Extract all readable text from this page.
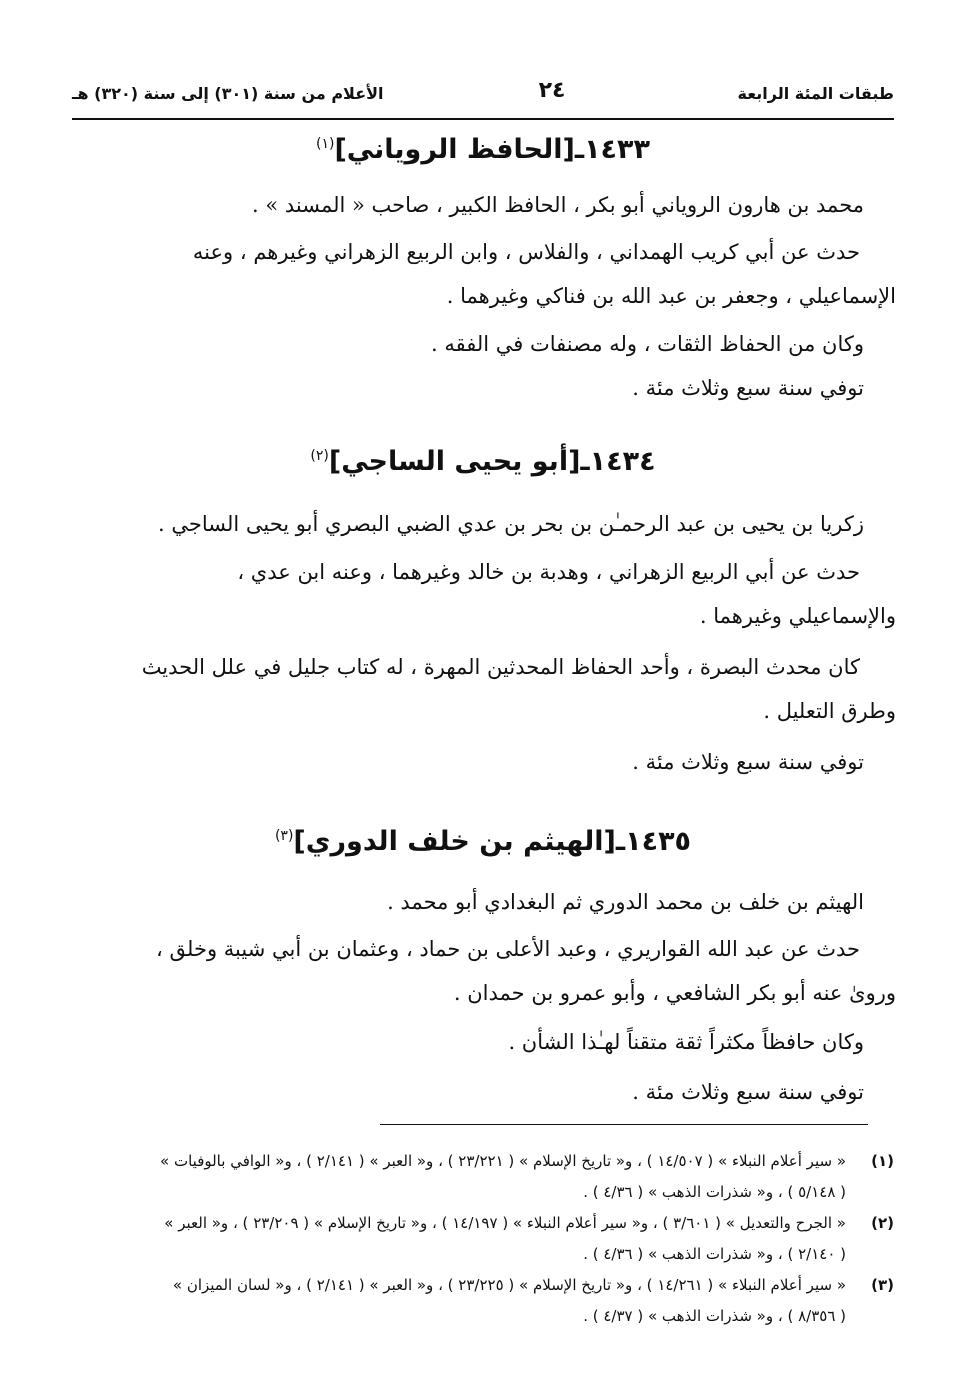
طبقات المئة الرابعة
٢٤
الأعلام من سنة (٣٠١) إلى سنة (٣٢٠) هـ
١٤٣٣ـ[الحافظ الروياني]$^{(١)}$
محمد بن هارون الروياني أبو بكر ، الحافظ الكبير ، صاحب « المسند » .
حدث عن أبي كريب الهمداني ، والفلاس ، وابن الربيع الزهراني وغيرهم ، وعنه
الإسماعيلي ، وجعفر بن عبد الله بن فناكي وغيرهما .
وكان من الحفاظ الثقات ، وله مصنفات في الفقه .
توفي سنة سبع وثلاث مئة .
١٤٣٤ـ[أبو يحيى الساجي]$^{(٢)}$
زكريا بن يحيى بن عبد الرحمـٰن بن بحر بن عدي الضبي البصري أبو يحيى الساجي .
حدث عن أبي الربيع الزهراني ، وهدبة بن خالد وغيرهما ، وعنه ابن عدي ،
والإسماعيلي وغيرهما .
كان محدث البصرة ، وأحد الحفاظ المحدثين المهرة ، له كتاب جليل في علل الحديث
وطرق التعليل .
توفي سنة سبع وثلاث مئة .
١٤٣٥ـ[الهيثم بن خلف الدوري]$^{(٣)}$
الهيثم بن خلف بن محمد الدوري ثم البغدادي أبو محمد .
حدث عن عبد الله القواريري ، وعبد الأعلى بن حماد ، وعثمان بن أبي شيبة وخلق ،
وروىٰ عنه أبو بكر الشافعي ، وأبو عمرو بن حمدان .
وكان حافظاً مكثراً ثقة متقناً لهـٰذا الشأن .
توفي سنة سبع وثلاث مئة .
(١)
« سير أعلام النبلاء » ( ١٤/٥٠٧ ) ، و« تاريخ الإسلام » ( ٢٣/٢٢١ ) ، و« العبر » ( ٢/١٤١ ) ، و« الوافي بالوفيات »
( ٥/١٤٨ ) ، و« شذرات الذهب » ( ٤/٣٦ ) .
(٢)
« الجرح والتعديل » ( ٣/٦٠١ ) ، و« سير أعلام النبلاء » ( ١٤/١٩٧ ) ، و« تاريخ الإسلام » ( ٢٣/٢٠٩ ) ، و« العبر »
( ٢/١٤٠ ) ، و« شذرات الذهب » ( ٤/٣٦ ) .
(٣)
« سير أعلام النبلاء » ( ١٤/٢٦١ ) ، و« تاريخ الإسلام » ( ٢٣/٢٢٥ ) ، و« العبر » ( ٢/١٤١ ) ، و« لسان الميزان »
( ٨/٣٥٦ ) ، و« شذرات الذهب » ( ٤/٣٧ ) .
